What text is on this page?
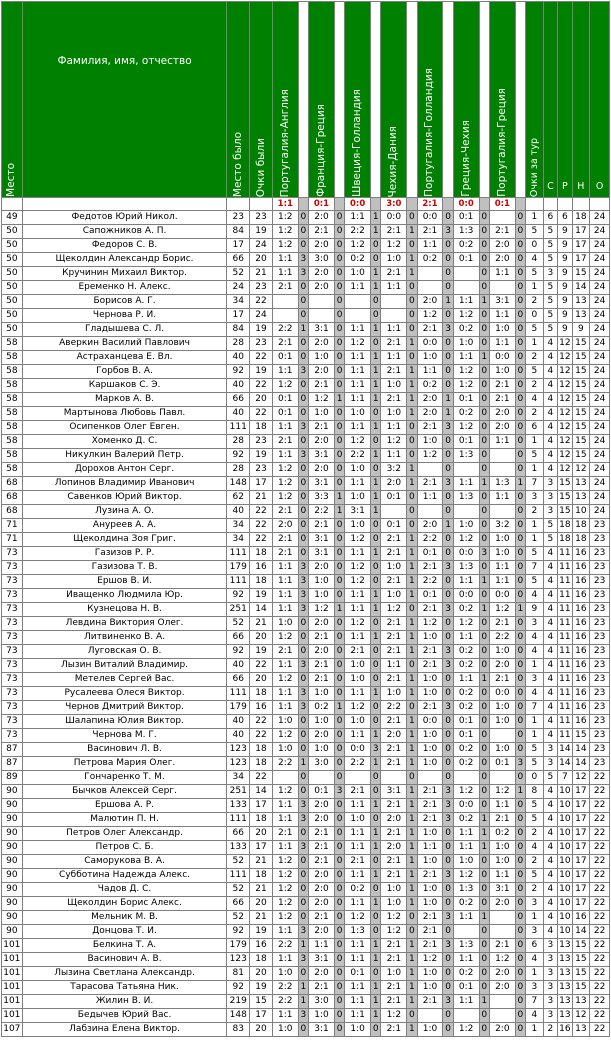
Место	Фамилия, имя, отчество	Место было	Очки были	Португалия-Англия		Франция-Греция		Швеция-Голландия		Чехия-Дания		Португалия-Голландия		Греция-Чехия		Португалия-Греция		Очки за тур	С	Р	Н	О

				1:1		0:1		0:0		3:0		2:1		0:0		0:1						
49	Федотов Юрий Никол.	23	23	1:2	0	2:0	0	1:1	1	0:0	0	0:0	0	0:1	0		0	1	6	6	18	24
50	Сапожников А. П.	84	19	1:2	0	2:1	0	2:2	1	2:1	1	2:1	3	1:3	0	2:1	0	5	5	9	17	24
50	Федоров С. В.	17	24	1:2	0	2:0	0	1:2	0	1:2	0	1:1	0	0:2	0	2:0	0	0	5	9	17	24
50	Щеколдин Александр Борис.	66	20	1:1	3	3:0	0	0:2	0	1:0	1	0:2	0	0:1	0	2:0	0	4	5	9	17	24
50	Кручинин Михаил Виктор.	52	21	1:1	3	2:0	0	1:0	1	2:1	1		0		0	1:1	0	5	3	9	15	24
50	Еременко Н. Алекс.	24	23	2:1	0	2:0	0	1:1	1	1:1	0		0		0		0	1	5	9	14	24
50	Борисов А. Г.	34	22		0		0		0		0	2:0	1	1:1	1	3:1	0	2	5	9	13	24
50	Чернова Р. И.	17	24		0		0		0		0	1:2	0	1:2	0	1:1	0	0	5	9	13	24
50	Гладышева С. Л.	84	19	2:2	1	3:1	0	1:1	1	1:1	0	2:1	3	0:2	0	1:0	0	5	5	9	9	24
58	Аверкин Василий Павлович	28	23	2:1	0	2:0	0	1:2	0	2:1	1	0:0	0	1:0	0	1:1	0	1	4	12	15	24
58	Астраханцева Е. Вл.	40	22	0:1	0	1:0	0	1:1	1	1:1	0	1:0	0	1:1	1	0:0	0	2	4	12	15	24
58	Горбов В. А.	92	19	1:1	3	2:0	0	1:1	1	2:1	1	1:1	0	1:2	0	1:0	0	5	4	12	15	24
58	Каршаков С. Э.	40	22	1:2	0	2:1	0	1:1	1	1:0	1	0:2	0	1:2	0	2:1	0	2	4	12	15	24
58	Марков А. В.	66	20	0:1	0	1:2	1	1:1	1	2:1	1	2:0	1	0:1	0	2:1	0	4	4	12	15	24
58	Мартынова Любовь Павл.	40	22	0:1	0	1:0	0	1:0	0	1:0	1	2:0	1	0:2	0	2:0	0	2	4	12	15	24
58	Осипенков Олег Евген.	111	18	1:1	3	2:1	0	1:1	1	1:1	0	2:1	3	1:2	0	2:0	0	6	4	12	15	24
58	Хоменко Д. С.	28	23	2:1	0	2:0	0	1:2	0	1:2	0	1:0	0	0:1	0	1:1	0	1	4	12	15	24
58	Никулкин Валерий Петр.	92	19	1:1	3	3:1	0	2:2	1	1:1	0	1:2	0	1:3	0		0	5	4	12	15	24
58	Дорохов Антон Серг.	28	23	1:2	0	2:0	0	1:0	0	3:2	1		0		0		0	1	4	12	12	24
68	Лопинов Владимир Иванович	148	17	1:2	0	3:1	0	1:1	1	2:0	1	2:1	3	1:1	1	1:3	1	7	3	15	13	24
68	Савенков Юрий Виктор.	62	21	1:2	0	3:3	1	1:0	1	0:1	0	1:1	0	1:3	0	1:1	0	3	3	15	13	24
68	Лузина А. О.	40	22	2:1	0	2:2	1	3:1	1		0		0		0		0	2	3	15	10	24
71	Ануреев А. А.	34	22	2:0	0	2:1	0	1:0	0	0:1	0	2:0	1	1:0	0	3:2	0	1	5	18	18	23
71	Щеколдина Зоя Григ.	34	22	2:1	0	3:1	0	1:2	0	2:1	1	2:2	0	1:2	0	1:0	0	1	5	18	18	23
73	Газизов Р. Р.	111	18	2:1	0	3:1	0	1:1	1	2:1	1	0:1	0	0:0	3	1:0	0	5	4	11	16	23
73	Газизова Т. В.	179	16	1:1	3	2:0	0	1:2	0	1:0	1	2:1	3	1:3	0	1:1	0	7	4	11	16	23
73	Ершов В. И.	111	18	1:1	3	1:0	0	1:2	0	2:1	1	2:2	0	1:1	1	1:1	0	5	4	11	16	23
73	Иващенко Людмила Юр.	92	19	1:1	3	1:0	0	1:1	1	1:0	1	0:1	0	0:0	0	0:0	0	4	4	11	16	23
73	Кузнецова Н. В.	251	14	1:1	3	1:2	1	1:1	1	1:2	0	2:1	3	0:2	1	1:2	1	9	4	11	16	23
73	Левдина Виктория Олег.	52	21	1:0	0	2:0	0	1:2	0	2:1	1	1:2	0	1:2	0	2:1	0	3	4	11	16	23
73	Литвиненко В. А.	66	20	1:2	0	2:1	0	1:1	1	2:1	1	1:0	0	1:1	0	2:2	0	4	4	11	16	23
73	Луговская О. В.	92	19	2:1	0	2:0	0	2:1	0	2:1	1	2:1	3	0:2	0	1:0	0	4	4	11	16	23
73	Лызин Виталий Владимир.	40	22	1:1	3	2:1	0	1:0	0	1:1	0	2:1	3	0:2	0	2:0	0	1	4	11	16	23
73	Метелев Сергей Вас.	66	20	1:2	0	2:1	0	1:0	0	2:1	1	1:0	0	1:1	1	2:1	0	3	4	11	16	23
73	Русалеева Олеся Виктор.	111	18	1:1	3	1:0	0	1:1	1	1:0	1	1:0	0	0:2	0	0:0	0	4	4	11	16	23
73	Чернов Дмитрий Виктор.	179	16	1:1	3	0:2	1	1:2	0	2:2	0	2:1	3	0:2	0	1:0	0	7	4	11	16	23
73	Шалапина Юлия Виктор.	40	22	1:0	0	1:0	0	1:0	0	2:1	1	0:0	0	0:1	0	1:0	0	1	4	11	16	23
73	Чернова М. Г.	40	22	1:2	0	2:0	0	1:1	1	2:0	1	1:0	0	0:1	0		0	1	4	11	15	23
87	Васинович Л. В.	123	18	1:0	0	1:0	0	0:0	3	2:1	1	1:0	0	0:2	0	1:0	0	5	3	14	14	23
87	Петрова Мария Олег.	123	18	2:2	1	3:0	0	2:2	1	2:1	1	1:0	0	0:2	0	0:1	3	5	3	14	14	23
89	Гончаренко Т. М.	34	22		0		0		0		0		0		0		0	0	5	7	12	22
90	Бычков Алексей Серг.	251	14	1:2	0	0:1	3	2:1	0	3:1	1	2:1	3	1:2	0	1:2	1	8	4	10	17	22
90	Ершова А. Р.	133	17	1:1	3	2:0	0	1:1	1	2:1	1	2:1	3	0:0	0	1:1	0	5	4	10	17	22
90	Малютин П. Н.	111	18	1:1	3	2:0	0	1:0	0	2:0	1	2:1	3	0:2	1	2:1	0	5	4	10	17	22
90	Петров Олег Александр.	66	20	2:1	0	2:1	0	1:1	1	2:1	1	1:0	0	1:1	1	0:2	0	2	4	10	17	22
90	Петров С. Б.	133	17	1:1	3	2:1	0	1:1	1	2:0	1	1:1	0	1:1	1	1:0	0	4	4	10	17	22
90	Саморукова В. А.	52	21	1:2	0	2:1	0	2:1	0	2:1	1	1:0	0	1:0	0	1:0	0	2	4	10	17	22
90	Субботина Надежда Алекс.	111	18	1:2	0	2:0	0	1:1	1	2:1	1	2:1	3	1:2	0	1:1	0	5	4	10	17	22
90	Чадов Д. С.	52	21	1:2	0	2:0	0	0:2	0	1:0	1	1:0	0	1:3	0	3:1	0	2	4	10	17	22
90	Щеколдин Борис Алекс.	66	20	1:2	0	2:0	0	1:1	1	1:0	1	1:0	0	0:2	0	2:0	0	3	4	10	17	22
90	Мельник М. В.	52	21	1:2	0	2:1	0	1:2	0	1:2	0	2:1	3	1:1	1		0	1	4	10	16	22
90	Донцова Т. И.	92	19	1:1	3	2:0	0	1:3	0	1:2	0	2:1	0		0		0	3	4	10	14	22
101	Белкина Т. А.	179	16	2:2	1	1:1	0	1:1	1	2:1	1	2:1	3	1:3	0	2:1	0	6	3	13	15	22
101	Васинович А. В.	123	18	1:1	3	3:1	0	1:1	1	2:1	1	1:2	0	1:1	0	1:2	0	4	3	13	15	22
101	Лызина Светлана Александр.	81	20	1:0	0	2:0	0	0:1	0	1:0	1	1:0	0	0:2	0	2:0	0	1	3	13	15	22
101	Тарасова Татьяна Ник.	92	19	2:2	1	2:1	0	1:1	1	2:1	1	1:0	0	0:1	0	2:0	0	3	3	13	15	22
101	Жилин В. И.	219	15	2:2	1	3:0	0	1:1	1	2:1	1	2:1	3	1:1	1		0	7	3	13	13	22
101	Бедычев Юрий Вас.	148	17	1:1	3	1:0	0	1:1	1	1:2	0		0		0		0	4	3	13	12	22
107	Лабзина Елена Виктор.	83	20	1:0	0	3:1	0	1:0	0	2:1	1	1:0	0	1:2	0	2:0	0	1	2	16	13	22
